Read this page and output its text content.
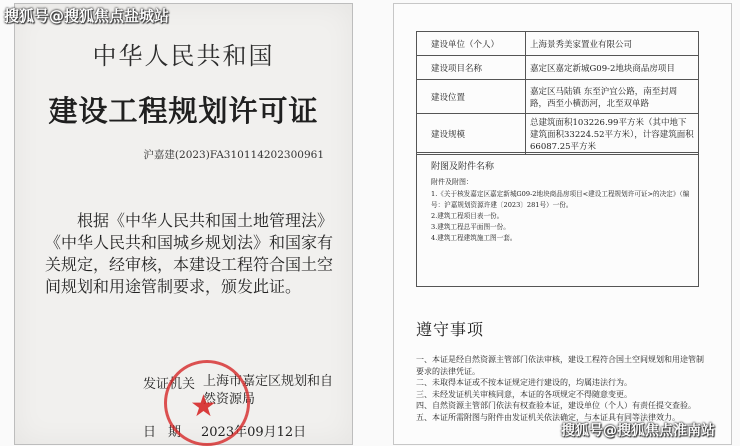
中华人民共和国
建设工程规划许可证
沪嘉建(2023)FA310114202300961
根据《中华人民共和国土地管理法》《中华人民共和国城乡规划法》和国家有关规定，经审核，本建设工程符合国土空间规划和用途管制要求，颁发此证。
发证机关 上海市嘉定区规划和自然资源局
日期 2023年09月12日
★
建设单位（个人）	上海景秀美家置业有限公司
建设项目名称	嘉定区嘉定新城G09-2地块商品房项目
建设位置	嘉定区马陆镇 东至沪宜公路，南至封周路，西至小横沥河，北至双单路
建设规模	总建筑面积103226.99平方米（其中地下建筑面积33224.52平方米），计容建筑面积66087.25平方米
附图及附件名称
附件及附图：
1.《关于核发嘉定区嘉定新城G09-2地块商品房项目<建设工程规划许可证>的决定》（编号：沪嘉规划资源许建〔2023〕281号）一份。
2.建筑工程项目表一份。
3.建筑工程总平面图一份。
4.建筑工程建筑施工图一套。
遵守事项
一、本证是经自然资源主管部门依法审核，建设工程符合国土空间规划和用途管制要求的法律凭证。
二、未取得本证或不按本证规定进行建设的，均属违法行为。
三、未经发证机关审核同意，本证的各项规定不得随意变更。
四、自然资源主管部门依法有权查验本证，建设单位（个人）有责任提交查验。
五、本证所需附图与附件由发证机关依法确定，与本证具有同等法律效力。
搜狐号@搜狐焦点盐城站
搜狐号@搜狐焦点淮南站
